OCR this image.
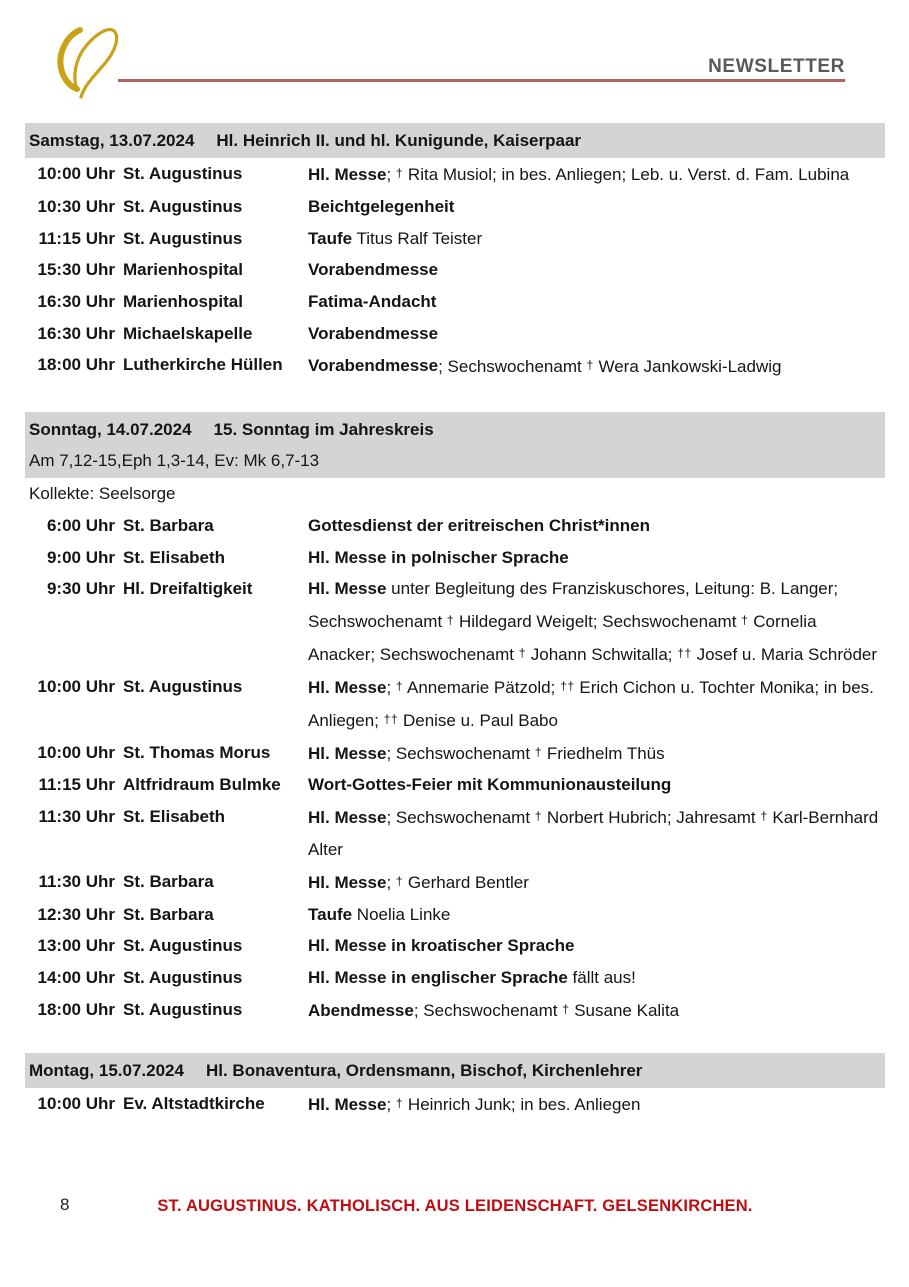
NEWSLETTER
Samstag, 13.07.2024 Hl. Heinrich II. und hl. Kunigunde, Kaiserpaar
10:00 Uhr St. Augustinus	Hl. Messe; † Rita Musiol; in bes. Anliegen; Leb. u. Verst. d. Fam. Lubina
10:30 Uhr St. Augustinus	Beichtgelegenheit
11:15 Uhr St. Augustinus	Taufe Titus Ralf Teister
15:30 Uhr Marienhospital	Vorabendmesse
16:30 Uhr Marienhospital	Fatima-Andacht
16:30 Uhr Michaelskapelle	Vorabendmesse
18:00 Uhr Lutherkirche Hüllen	Vorabendmesse; Sechswochenamt † Wera Jankowski-Ladwig
Sonntag, 14.07.2024 15. Sonntag im Jahreskreis
Am 7,12-15,Eph 1,3-14, Ev: Mk 6,7-13
Kollekte: Seelsorge
6:00 Uhr St. Barbara	Gottesdienst der eritreischen Christ*innen
9:00 Uhr St. Elisabeth	Hl. Messe in polnischer Sprache
9:30 Uhr Hl. Dreifaltigkeit	Hl. Messe unter Begleitung des Franziskuschores, Leitung: B. Langer; Sechswochenamt † Hildegard Weigelt; Sechswochenamt † Cornelia Anacker; Sechswochenamt † Johann Schwitalla; †† Josef u. Maria Schröder
10:00 Uhr St. Augustinus	Hl. Messe; † Annemarie Pätzold; †† Erich Cichon u. Tochter Monika; in bes. Anliegen; †† Denise u. Paul Babo
10:00 Uhr St. Thomas Morus	Hl. Messe; Sechswochenamt † Friedhelm Thüs
11:15 Uhr Altfridraum Bulmke	Wort-Gottes-Feier mit Kommunionausteilung
11:30 Uhr St. Elisabeth	Hl. Messe; Sechswochenamt † Norbert Hubrich; Jahresamt † Karl-Bernhard Alter
11:30 Uhr St. Barbara	Hl. Messe; † Gerhard Bentler
12:30 Uhr St. Barbara	Taufe Noelia Linke
13:00 Uhr St. Augustinus	Hl. Messe in kroatischer Sprache
14:00 Uhr St. Augustinus	Hl. Messe in englischer Sprache fällt aus!
18:00 Uhr St. Augustinus	Abendmesse; Sechswochenamt † Susane Kalita
Montag, 15.07.2024 Hl. Bonaventura, Ordensmann, Bischof, Kirchenlehrer
10:00 Uhr Ev. Altstadtkirche	Hl. Messe; † Heinrich Junk; in bes. Anliegen
8	ST. AUGUSTINUS. KATHOLISCH. AUS LEIDENSCHAFT. GELSENKIRCHEN.
